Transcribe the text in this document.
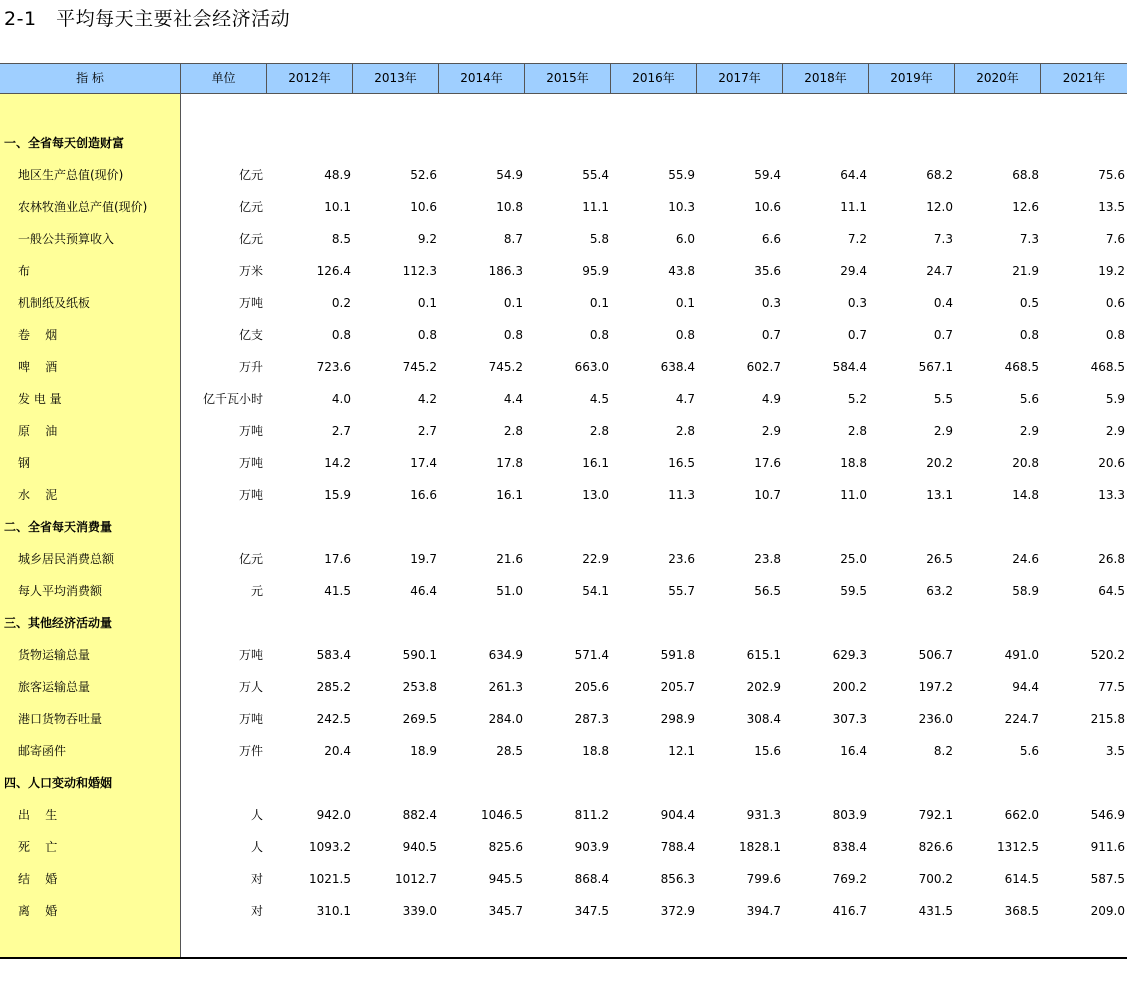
2-1   平均每天主要社会经济活动
指 标	单位	2012年	2013年	2014年	2015年	2016年	2017年	2018年	2019年	2020年	2021年
一、全省每天创造财富
地区生产总值(现价)	亿元	48.9	52.6	54.9	55.4	55.9	59.4	64.4	68.2	68.8	75.6
农林牧渔业总产值(现价)	亿元	10.1	10.6	10.8	11.1	10.3	10.6	11.1	12.0	12.6	13.5
一般公共预算收入	亿元	8.5	9.2	8.7	5.8	6.0	6.6	7.2	7.3	7.3	7.6
布	万米	126.4	112.3	186.3	95.9	43.8	35.6	29.4	24.7	21.9	19.2
机制纸及纸板	万吨	0.2	0.1	0.1	0.1	0.1	0.3	0.3	0.4	0.5	0.6
卷    烟	亿支	0.8	0.8	0.8	0.8	0.8	0.7	0.7	0.7	0.8	0.8
啤    酒	万升	723.6	745.2	745.2	663.0	638.4	602.7	584.4	567.1	468.5	468.5
发 电 量	亿千瓦小时	4.0	4.2	4.4	4.5	4.7	4.9	5.2	5.5	5.6	5.9
原    油	万吨	2.7	2.7	2.8	2.8	2.8	2.9	2.8	2.9	2.9	2.9
钢	万吨	14.2	17.4	17.8	16.1	16.5	17.6	18.8	20.2	20.8	20.6
水    泥	万吨	15.9	16.6	16.1	13.0	11.3	10.7	11.0	13.1	14.8	13.3
二、全省每天消费量
城乡居民消费总额	亿元	17.6	19.7	21.6	22.9	23.6	23.8	25.0	26.5	24.6	26.8
每人平均消费额	元	41.5	46.4	51.0	54.1	55.7	56.5	59.5	63.2	58.9	64.5
三、其他经济活动量
货物运输总量	万吨	583.4	590.1	634.9	571.4	591.8	615.1	629.3	506.7	491.0	520.2
旅客运输总量	万人	285.2	253.8	261.3	205.6	205.7	202.9	200.2	197.2	94.4	77.5
港口货物吞吐量	万吨	242.5	269.5	284.0	287.3	298.9	308.4	307.3	236.0	224.7	215.8
邮寄函件	万件	20.4	18.9	28.5	18.8	12.1	15.6	16.4	8.2	5.6	3.5
四、人口变动和婚姻
出    生	人	942.0	882.4	1046.5	811.2	904.4	931.3	803.9	792.1	662.0	546.9
死    亡	人	1093.2	940.5	825.6	903.9	788.4	1828.1	838.4	826.6	1312.5	911.6
结    婚	对	1021.5	1012.7	945.5	868.4	856.3	799.6	769.2	700.2	614.5	587.5
离    婚	对	310.1	339.0	345.7	347.5	372.9	394.7	416.7	431.5	368.5	209.0
